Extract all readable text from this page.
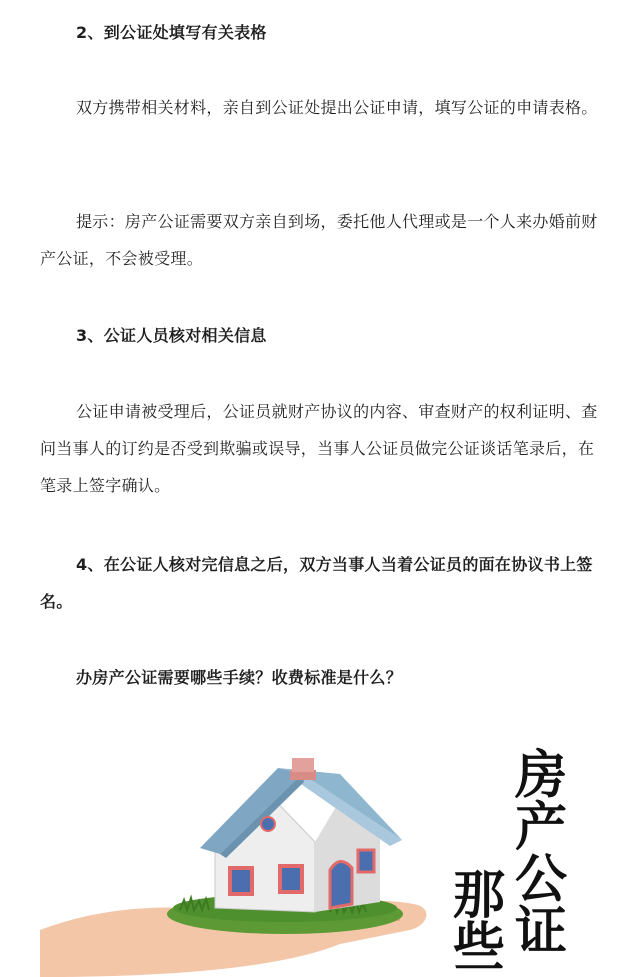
2、到公证处填写有关表格

双方携带相关材料，亲自到公证处提出公证申请，填写公证的申请表格。

提示：房产公证需要双方亲自到场，委托他人代理或是一个人来办婚前财产公证，不会被受理。

3、公证人员核对相关信息

公证申请被受理后，公证员就财产协议的内容、审查财产的权利证明、查问当事人的订约是否受到欺骗或误导，当事人公证员做完公证谈话笔录后，在笔录上签字确认。

4、在公证人核对完信息之后，双方当事人当着公证员的面在协议书上签名。

办房产公证需要哪些手续？收费标准是什么？

房产公证
那些
